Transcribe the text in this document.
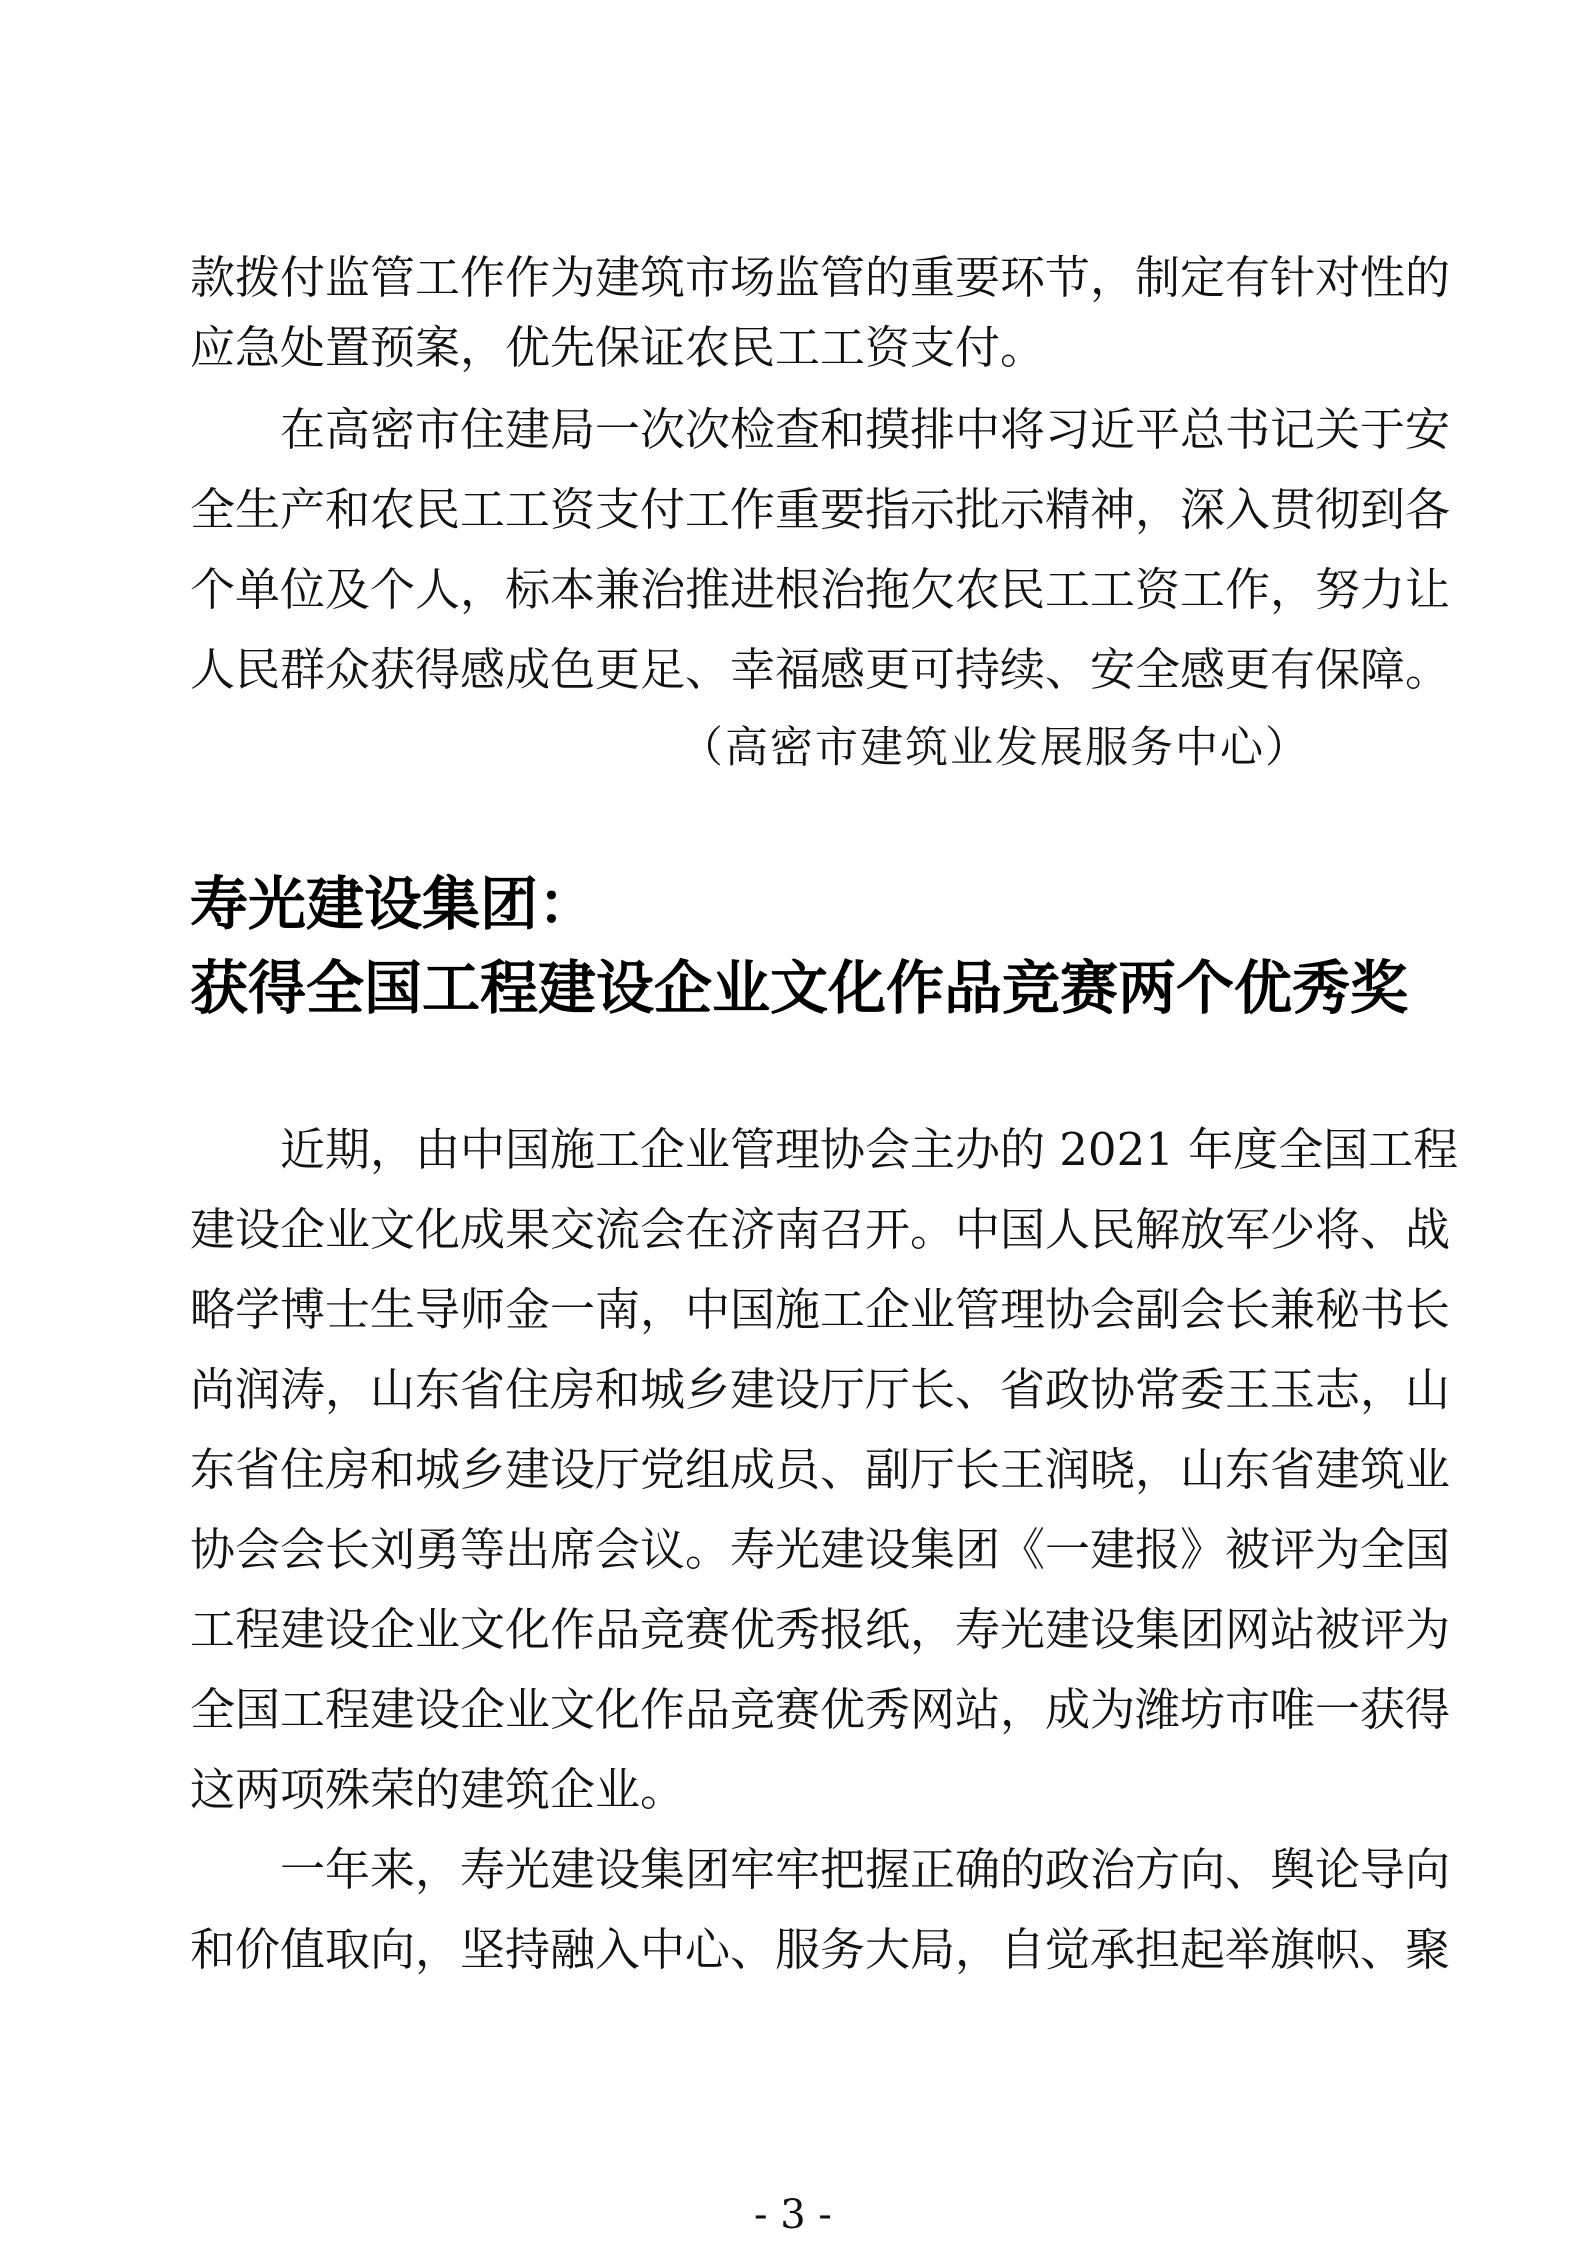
款拨付监管工作作为建筑市场监管的重要环节，制定有针对性的
应急处置预案，优先保证农民工工资支付。
在高密市住建局一次次检查和摸排中将习近平总书记关于安
全生产和农民工工资支付工作重要指示批示精神，深入贯彻到各
个单位及个人，标本兼治推进根治拖欠农民工工资工作，努力让
人民群众获得感成色更足、幸福感更可持续、安全感更有保障。
（高密市建筑业发展服务中心）
寿光建设集团：
获得全国工程建设企业文化作品竞赛两个优秀奖
近期，由中国施工企业管理协会主办的 2021 年度全国工程
建设企业文化成果交流会在济南召开。中国人民解放军少将、战
略学博士生导师金一南，中国施工企业管理协会副会长兼秘书长
尚润涛，山东省住房和城乡建设厅厅长、省政协常委王玉志，山
东省住房和城乡建设厅党组成员、副厅长王润晓，山东省建筑业
协会会长刘勇等出席会议。寿光建设集团《一建报》被评为全国
工程建设企业文化作品竞赛优秀报纸，寿光建设集团网站被评为
全国工程建设企业文化作品竞赛优秀网站，成为潍坊市唯一获得
这两项殊荣的建筑企业。
一年来，寿光建设集团牢牢把握正确的政治方向、舆论导向
和价值取向，坚持融入中心、服务大局，自觉承担起举旗帜、聚
- 3 -
